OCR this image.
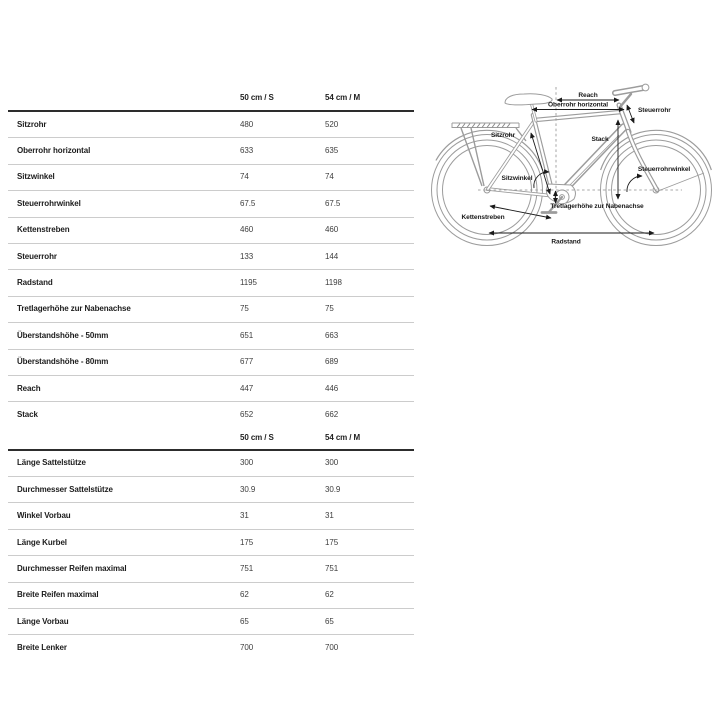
50 cm / S	54 cm / M
Sitzrohr	480	520
Oberrohr horizontal	633	635
Sitzwinkel	74	74
Steuerrohrwinkel	67.5	67.5
Kettenstreben	460	460
Steuerrohr	133	144
Radstand	1195	1198
Tretlagerhöhe zur Nabenachse	75	75
Überstandshöhe - 50mm	651	663
Überstandshöhe - 80mm	677	689
Reach	447	446
Stack	652	662
50 cm / S	54 cm / M
Länge Sattelstütze	300	300
Durchmesser Sattelstütze	30.9	30.9
Winkel Vorbau	31	31
Länge Kurbel	175	175
Durchmesser Reifen maximal	751	751
Breite Reifen maximal	62	62
Länge Vorbau	65	65
Breite Lenker	700	700
Reach
Oberrohr horizontal
Steuerrohr
Sitzrohr
Stack
Sitzwinkel
Steuerrohrwinkel
Tretlagerhöhe zur Nabenachse
Kettenstreben
Radstand
